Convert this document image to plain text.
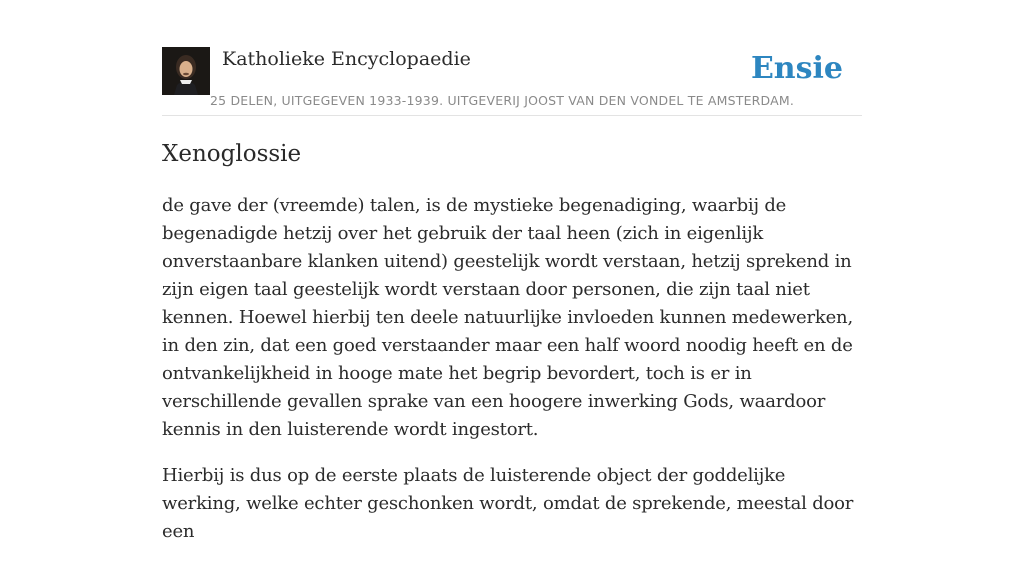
Katholieke Encyclopaedie
25 DELEN, UITGEGEVEN 1933-1939. UITGEVERIJ JOOST VAN DEN VONDEL TE AMSTERDAM.
Ensie
Xenoglossie

de gave der (vreemde) talen, is de mystieke begenadiging, waarbij de begenadigde hetzij over het gebruik der taal heen (zich in eigenlijk onverstaanbare klanken uitend) geestelijk wordt verstaan, hetzij sprekend in zijn eigen taal geestelijk wordt verstaan door personen, die zijn taal niet kennen. Hoewel hierbij ten deele natuurlijke invloeden kunnen medewerken, in den zin, dat een goed verstaander maar een half woord noodig heeft en de ontvankelijkheid in hooge mate het begrip bevordert, toch is er in verschillende gevallen sprake van een hoogere inwerking Gods, waardoor kennis in den luisterende wordt ingestort.

Hierbij is dus op de eerste plaats de luisterende object der goddelijke werking, welke echter geschonken wordt, omdat de sprekende, meestal door een
